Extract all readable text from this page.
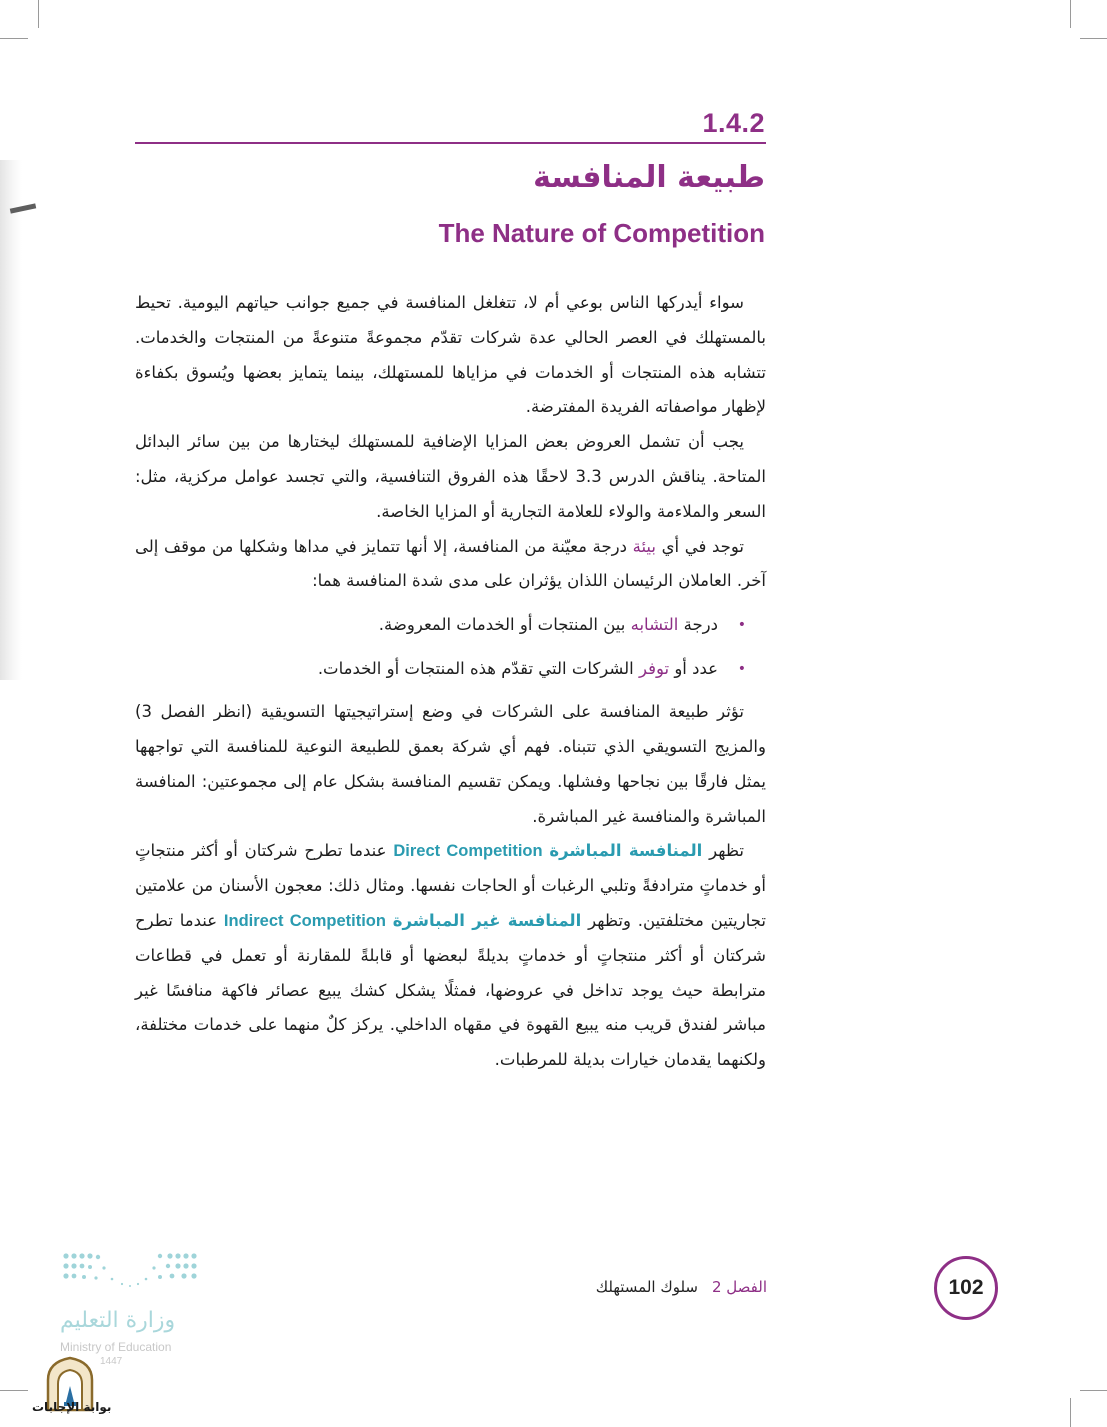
1.4.2
طبيعة المنافسة
The Nature of Competition

سواء أيدركها الناس بوعي أم لا، تتغلغل المنافسة في جميع جوانب حياتهم اليومية. تحيط بالمستهلك في العصر الحالي عدة شركات تقدّم مجموعةً متنوعةً من المنتجات والخدمات. تتشابه هذه المنتجات أو الخدمات في مزاياها للمستهلك، بينما يتمايز بعضها ويُسوق بكفاءة لإظهار مواصفاته الفريدة المفترضة.

يجب أن تشمل العروض بعض المزايا الإضافية للمستهلك ليختارها من بين سائر البدائل المتاحة. يناقش الدرس 3.3 لاحقًا هذه الفروق التنافسية، والتي تجسد عوامل مركزية، مثل: السعر والملاءمة والولاء للعلامة التجارية أو المزايا الخاصة.

توجد في أي بيئة درجة معيّنة من المنافسة، إلا أنها تتمايز في مداها وشكلها من موقف إلى آخر. العاملان الرئيسان اللذان يؤثران على مدى شدة المنافسة هما:

•
درجة التشابه بين المنتجات أو الخدمات المعروضة.
•
عدد أو توفر الشركات التي تقدّم هذه المنتجات أو الخدمات.

تؤثر طبيعة المنافسة على الشركات في وضع إستراتيجيتها التسويقية (انظر الفصل 3) والمزيج التسويقي الذي تتبناه. فهم أي شركة بعمق للطبيعة النوعية للمنافسة التي تواجهها يمثل فارقًا بين نجاحها وفشلها. ويمكن تقسيم المنافسة بشكل عام إلى مجموعتين: المنافسة المباشرة والمنافسة غير المباشرة.

تظهر المنافسة المباشرة Direct Competition عندما تطرح شركتان أو أكثر منتجاتٍ أو خدماتٍ مترادفةً وتلبي الرغبات أو الحاجات نفسها. ومثال ذلك: معجون الأسنان من علامتين تجاريتين مختلفتين. وتظهر المنافسة غير المباشرة Indirect Competition عندما تطرح شركتان أو أكثر منتجاتٍ أو خدماتٍ بديلةً لبعضها أو قابلةً للمقارنة أو تعمل في قطاعات مترابطة حيث يوجد تداخل في عروضها، فمثلًا يشكل كشك يبيع عصائر فاكهة منافسًا غير مباشر لفندق قريب منه يبيع القهوة في مقهاه الداخلي. يركز كلٌ منهما على خدمات مختلفة، ولكنهما يقدمان خيارات بديلة للمرطبات.

102
الفصل 2سلوك المستهلك
وزارة التعليم
Ministry of Education
1447
بوابة الإجابات
